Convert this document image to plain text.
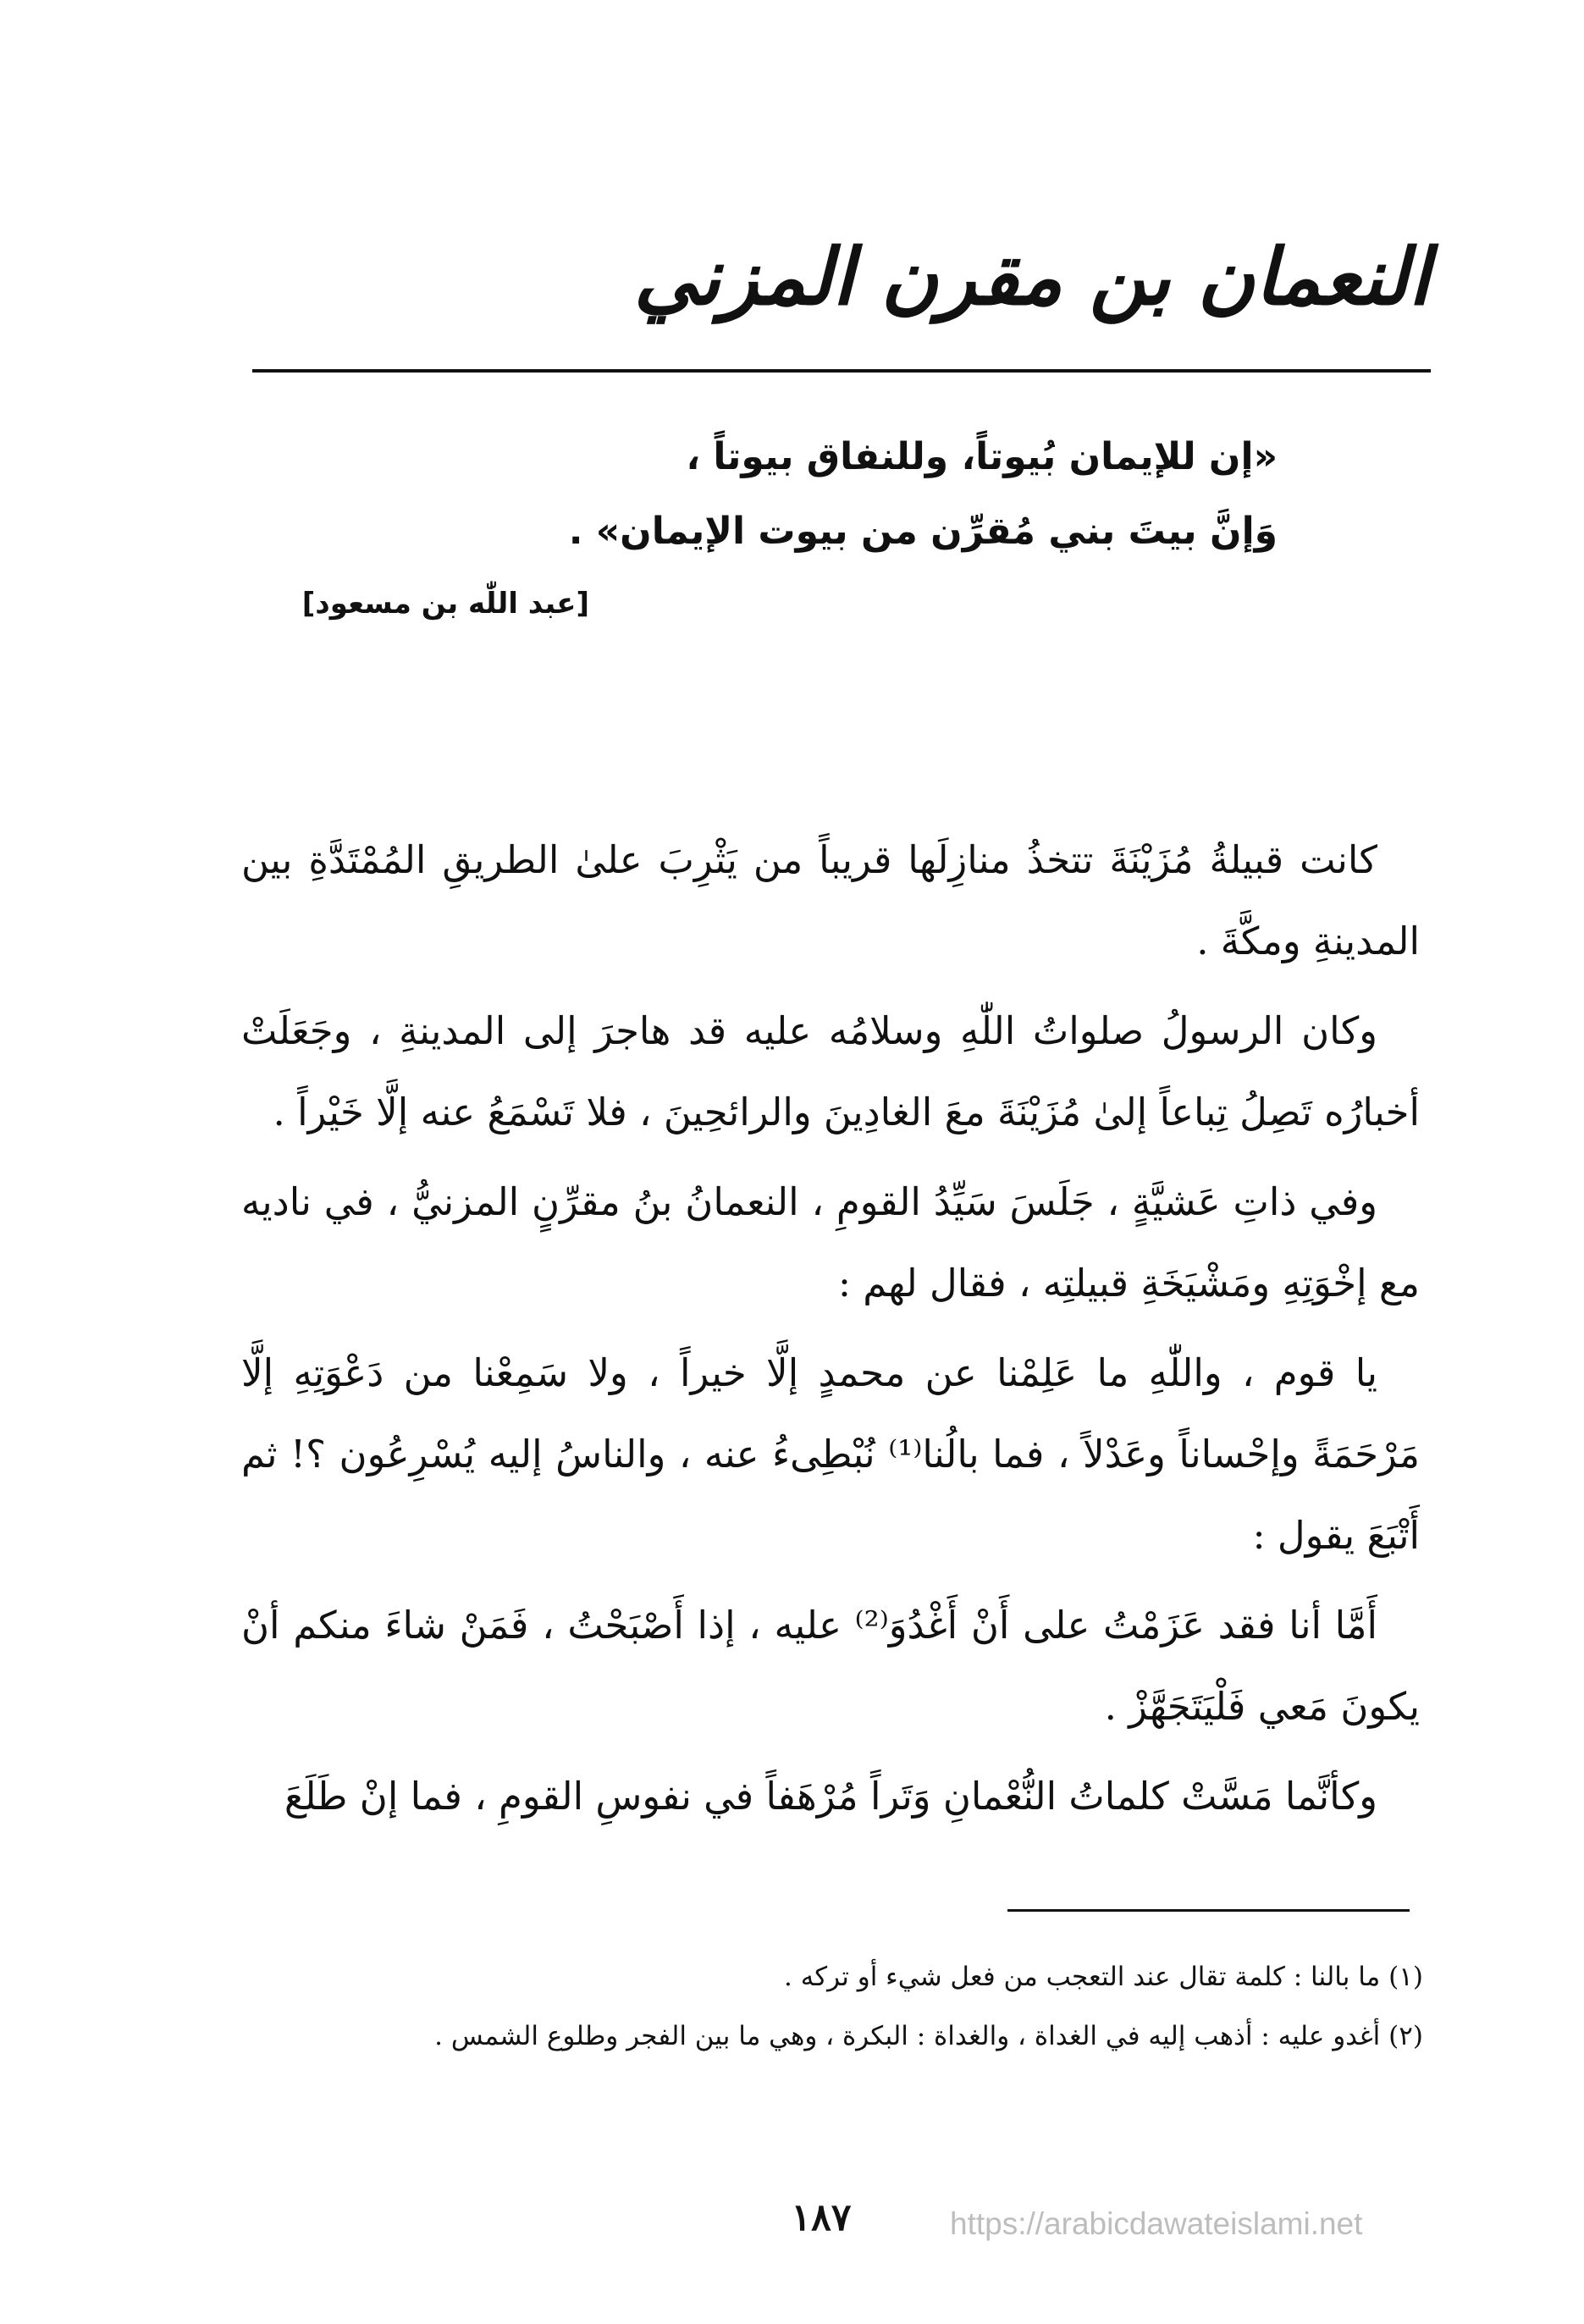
النعمان بن مقرن المزني
«إن للإيمان بُيوتاً، وللنفاق بيوتاً ،
وَإنَّ بيتَ بني مُقرِّن من بيوت الإيمان» .
[عبد اللّٰه بن مسعود]

كانت قبيلةُ مُزَيْنَةَ تتخذُ منازِلَها قريباً من يَثْرِبَ علىٰ الطريقِ المُمْتَدَّةِ بين المدينةِ ومكَّةَ .

وكان الرسولُ صلواتُ اللّٰهِ وسلامُه عليه قد هاجرَ إلى المدينةِ ، وجَعَلَتْ أخبارُه تَصِلُ تِباعاً إلىٰ مُزَيْنَةَ معَ الغادِينَ والرائحِينَ ، فلا تَسْمَعُ عنه إلَّا خَيْراً .

وفي ذاتِ عَشيَّةٍ ، جَلَسَ سَيِّدُ القومِ ، النعمانُ بنُ مقرِّنٍ المزنيُّ ، في ناديه مع إخْوَتِهِ ومَشْيَخَةِ قبيلتِه ، فقال لهم :

يا قوم ، واللّٰهِ ما عَلِمْنا عن محمدٍ إلَّا خيراً ، ولا سَمِعْنا من دَعْوَتِهِ إلَّا مَرْحَمَةً وإحْساناً وعَدْلاً ، فما بالُنا⁽¹⁾ نُبْطِىءُ عنه ، والناسُ إليه يُسْرِعُون ؟! ثم أَتْبَعَ يقول :

أَمَّا أنا فقد عَزَمْتُ على أَنْ أَغْدُوَ⁽²⁾ عليه ، إذا أَصْبَحْتُ ، فَمَنْ شاءَ منكم أنْ يكونَ مَعي فَلْيَتَجَهَّزْ .

وكأنَّما مَسَّتْ كلماتُ النُّعْمانِ وَتَراً مُرْهَفاً في نفوسِ القومِ ، فما إنْ طَلَعَ

(١) ما بالنا : كلمة تقال عند التعجب من فعل شيء أو تركه .
(٢) أغدو عليه : أذهب إليه في الغداة ، والغداة : البكرة ، وهي ما بين الفجر وطلوع الشمس .
١٨٧	https://arabicdawateislami.net
